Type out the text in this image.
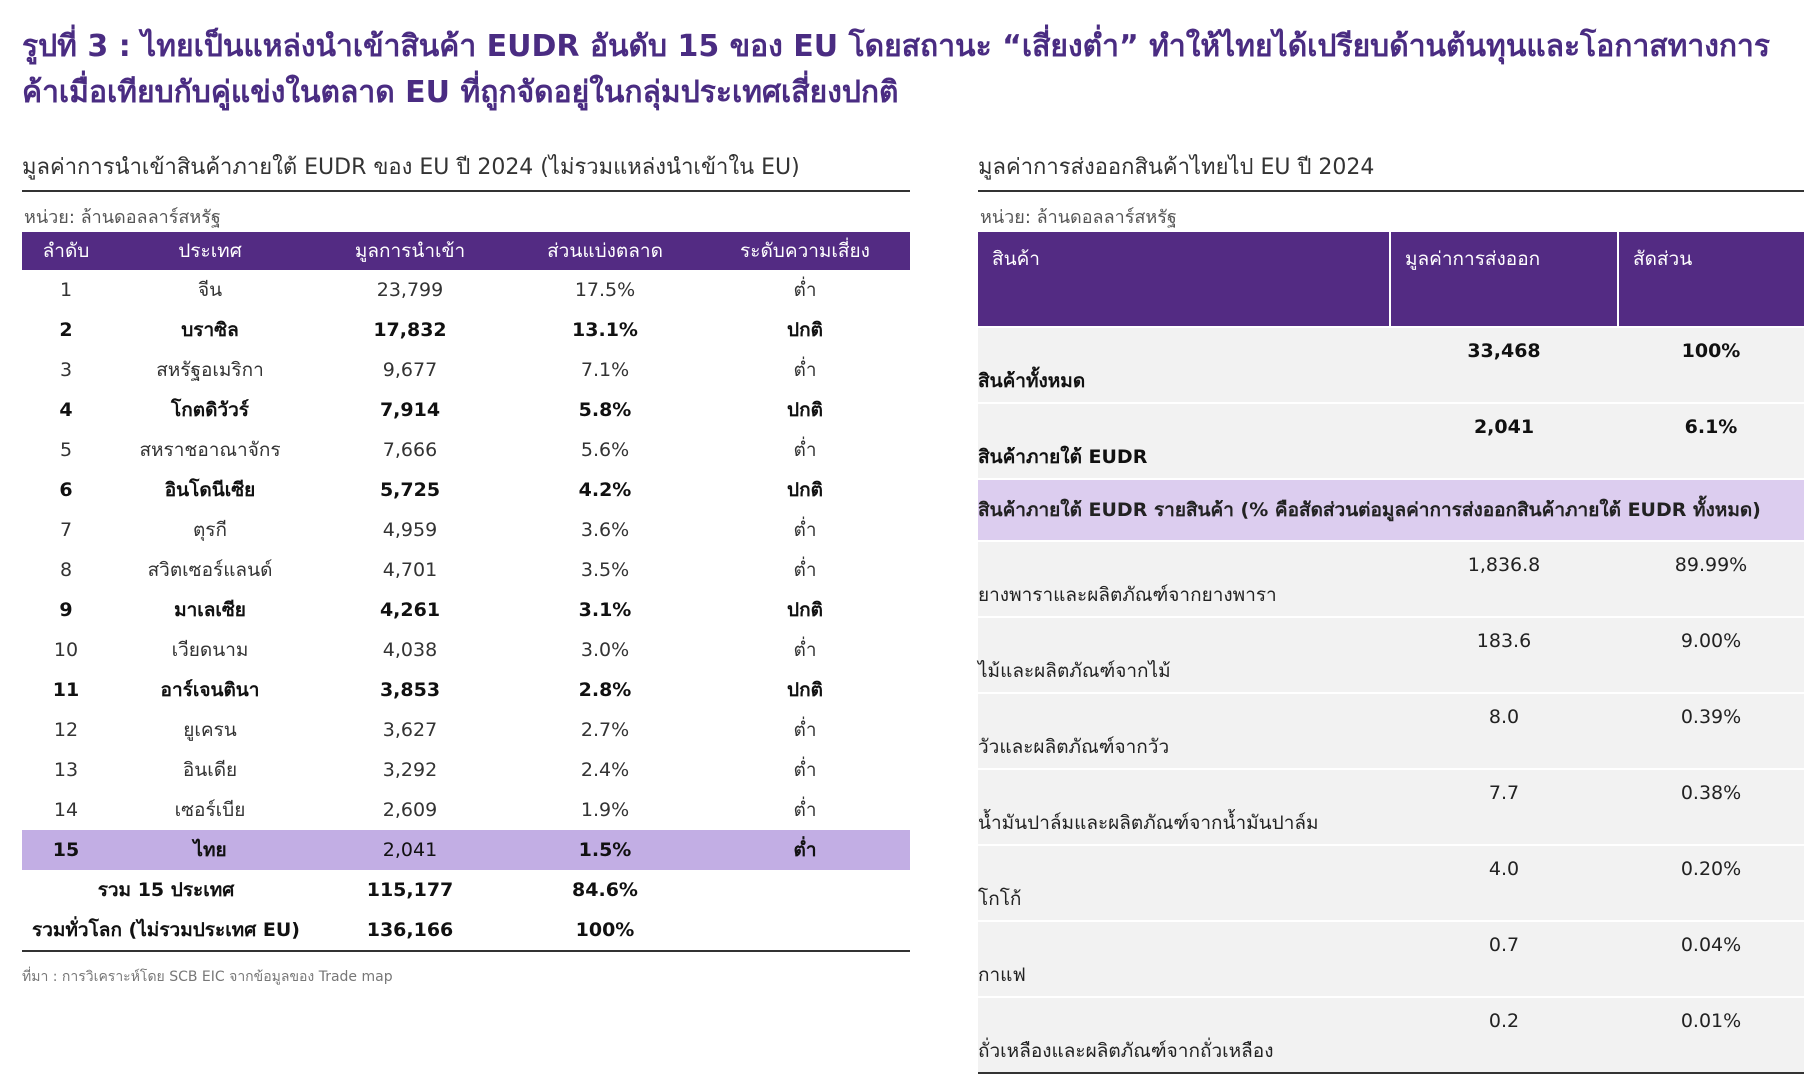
รูปที่ 3 : ไทยเป็นแหล่งนำเข้าสินค้า EUDR อันดับ 15 ของ EU โดยสถานะ “เสี่ยงต่ำ” ทำให้ไทยได้เปรียบด้านต้นทุนและโอกาสทางการค้าเมื่อเทียบกับคู่แข่งในตลาด EU ที่ถูกจัดอยู่ในกลุ่มประเทศเสี่ยงปกติ
มูลค่าการนำเข้าสินค้าภายใต้ EUDR ของ EU ปี 2024 (ไม่รวมแหล่งนำเข้าใน EU)
หน่วย: ล้านดอลลาร์สหรัฐ
ลำดับ	ประเทศ	มูลการนำเข้า	ส่วนแบ่งตลาด	ระดับความเสี่ยง
1	จีน	23,799	17.5%	ต่ำ
2	บราซิล	17,832	13.1%	ปกติ
3	สหรัฐอเมริกา	9,677	7.1%	ต่ำ
4	โกตดิวัวร์	7,914	5.8%	ปกติ
5	สหราชอาณาจักร	7,666	5.6%	ต่ำ
6	อินโดนีเซีย	5,725	4.2%	ปกติ
7	ตุรกี	4,959	3.6%	ต่ำ
8	สวิตเซอร์แลนด์	4,701	3.5%	ต่ำ
9	มาเลเซีย	4,261	3.1%	ปกติ
10	เวียดนาม	4,038	3.0%	ต่ำ
11	อาร์เจนตินา	3,853	2.8%	ปกติ
12	ยูเครน	3,627	2.7%	ต่ำ
13	อินเดีย	3,292	2.4%	ต่ำ
14	เซอร์เบีย	2,609	1.9%	ต่ำ
15	ไทย	2,041	1.5%	ต่ำ
รวม 15 ประเทศ		115,177	84.6%	
รวมทั่วโลก (ไม่รวมประเทศ EU)		136,166	100%	
มูลค่าการส่งออกสินค้าไทยไป EU ปี 2024
หน่วย: ล้านดอลลาร์สหรัฐ
สินค้า	มูลค่าการส่งออก	สัดส่วน
สินค้าทั้งหมด	33,468	100%
สินค้าภายใต้ EUDR	2,041	6.1%
สินค้าภายใต้ EUDR รายสินค้า (% คือสัดส่วนต่อมูลค่าการส่งออกสินค้าภายใต้ EUDR ทั้งหมด)		
ยางพาราและผลิตภัณฑ์จากยางพารา	1,836.8	89.99%
ไม้และผลิตภัณฑ์จากไม้	183.6	9.00%
วัวและผลิตภัณฑ์จากวัว	8.0	0.39%
น้ำมันปาล์มและผลิตภัณฑ์จากน้ำมันปาล์ม	7.7	0.38%
โกโก้	4.0	0.20%
กาแฟ	0.7	0.04%
ถั่วเหลืองและผลิตภัณฑ์จากถั่วเหลือง	0.2	0.01%
ที่มา : การวิเคราะห์โดย SCB EIC จากข้อมูลของ Trade map
